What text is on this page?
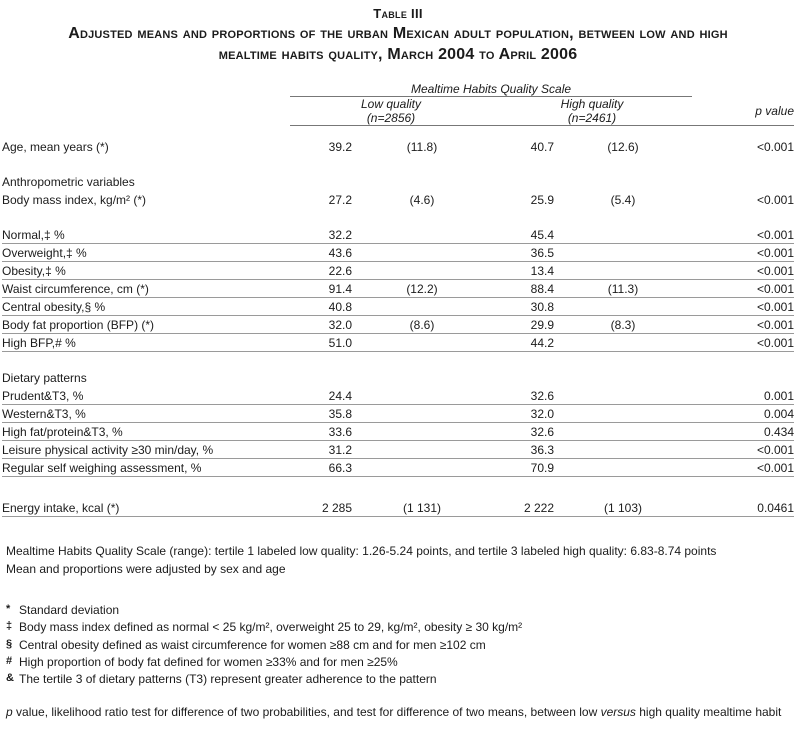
Table III
Adjusted means and proportions of the urban Mexican adult population, between low and high mealtime habits quality, March 2004 to April 2006
	Mealtime Habits Quality Scale				

Low quality
(n=2856)

High quality
(n=2461)
	p value

Age, mean years (*)	39.2	(11.8)	40.7	(12.6)	<0.001

Anthropometric variables					
Body mass index, kg/m² (*)	27.2	(4.6)	25.9	(5.4)	<0.001

Normal,‡ %	32.2		45.4		<0.001
Overweight,‡ %	43.6		36.5		<0.001
Obesity,‡ %	22.6		13.4		<0.001
Waist circumference, cm (*)	91.4	(12.2)	88.4	(11.3)	<0.001
Central obesity,§ %	40.8		30.8		<0.001
Body fat proportion (BFP) (*)	32.0	(8.6)	29.9	(8.3)	<0.001
High BFP,# %	51.0		44.2		<0.001

Dietary patterns					
Prudent&T3, %	24.4		32.6		0.001
Western&T3, %	35.8		32.0		0.004
High fat/protein&T3, %	33.6		32.6		0.434
Leisure physical activity ≥30 min/day, %	31.2		36.3		<0.001
Regular self weighing assessment, %	66.3		70.9		<0.001

Energy intake, kcal (*)	2 285	(1 131)	2 222	(1 103)	0.0461
Mealtime Habits Quality Scale (range): tertile 1 labeled low quality: 1.26-5.24 points, and tertile 3 labeled high quality: 6.83-8.74 points
Mean and proportions were adjusted by sex and age
* Standard deviation
‡ Body mass index defined as normal < 25 kg/m², overweight 25 to 29, kg/m², obesity ≥ 30 kg/m²
§ Central obesity defined as waist circumference for women ≥88 cm and for men ≥102 cm
# High proportion of body fat defined for women ≥33% and for men ≥25%
& The tertile 3 of dietary patterns (T3) represent greater adherence to the pattern
p value, likelihood ratio test for difference of two probabilities, and test for difference of two means, between low versus high quality mealtime habit
